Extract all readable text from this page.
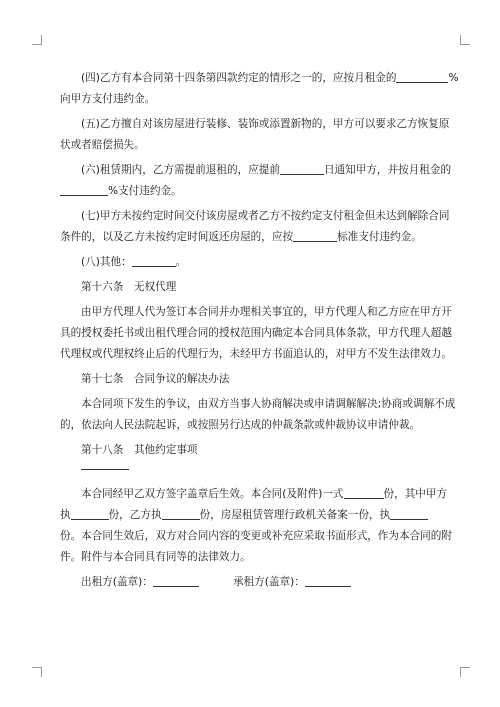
(四)乙方有本合同第十四条第四款约定的情形之一的，应按月租金的	%

向甲方支付违约金。

(五)乙方擅自对该房屋进行装修、装饰或添置新物的，甲方可以要求乙方恢复原

状或者赔偿损失。

(六)租赁期内，乙方需提前退租的，应提前	日通知甲方，并按月租金的

%支付违约金。

(七)甲方未按约定时间交付该房屋或者乙方不按约定支付租金但未达到解除合同

条件的，以及乙方未按约定时间返还房屋的，应按	标准支付违约金。

(八)其他：	。

第十六条　无权代理

由甲方代理人代为签订本合同并办理相关事宜的，甲方代理人和乙方应在甲方开

具的授权委托书或出租代理合同的授权范围内确定本合同具体条款，甲方代理人超越

代理权或代理权终止后的代理行为，未经甲方书面追认的，对甲方不发生法律效力。

第十七条　合同争议的解决办法

本合同项下发生的争议，由双方当事人协商解决或申请调解解决;协商或调解不成

的，依法向人民法院起诉，或按照另行达成的仲裁条款或仲裁协议申请仲裁。

第十八条　其他约定事项

本合同经甲乙双方签字盖章后生效。本合同(及附件)一式	份，其中甲方

执	份，乙方执	份，房屋租赁管理行政机关备案一份，执

份。本合同生效后，双方对合同内容的变更或补充应采取书面形式，作为本合同的附

件。附件与本合同具有同等的法律效力。

出租方(盖章)：	承租方(盖章)：
